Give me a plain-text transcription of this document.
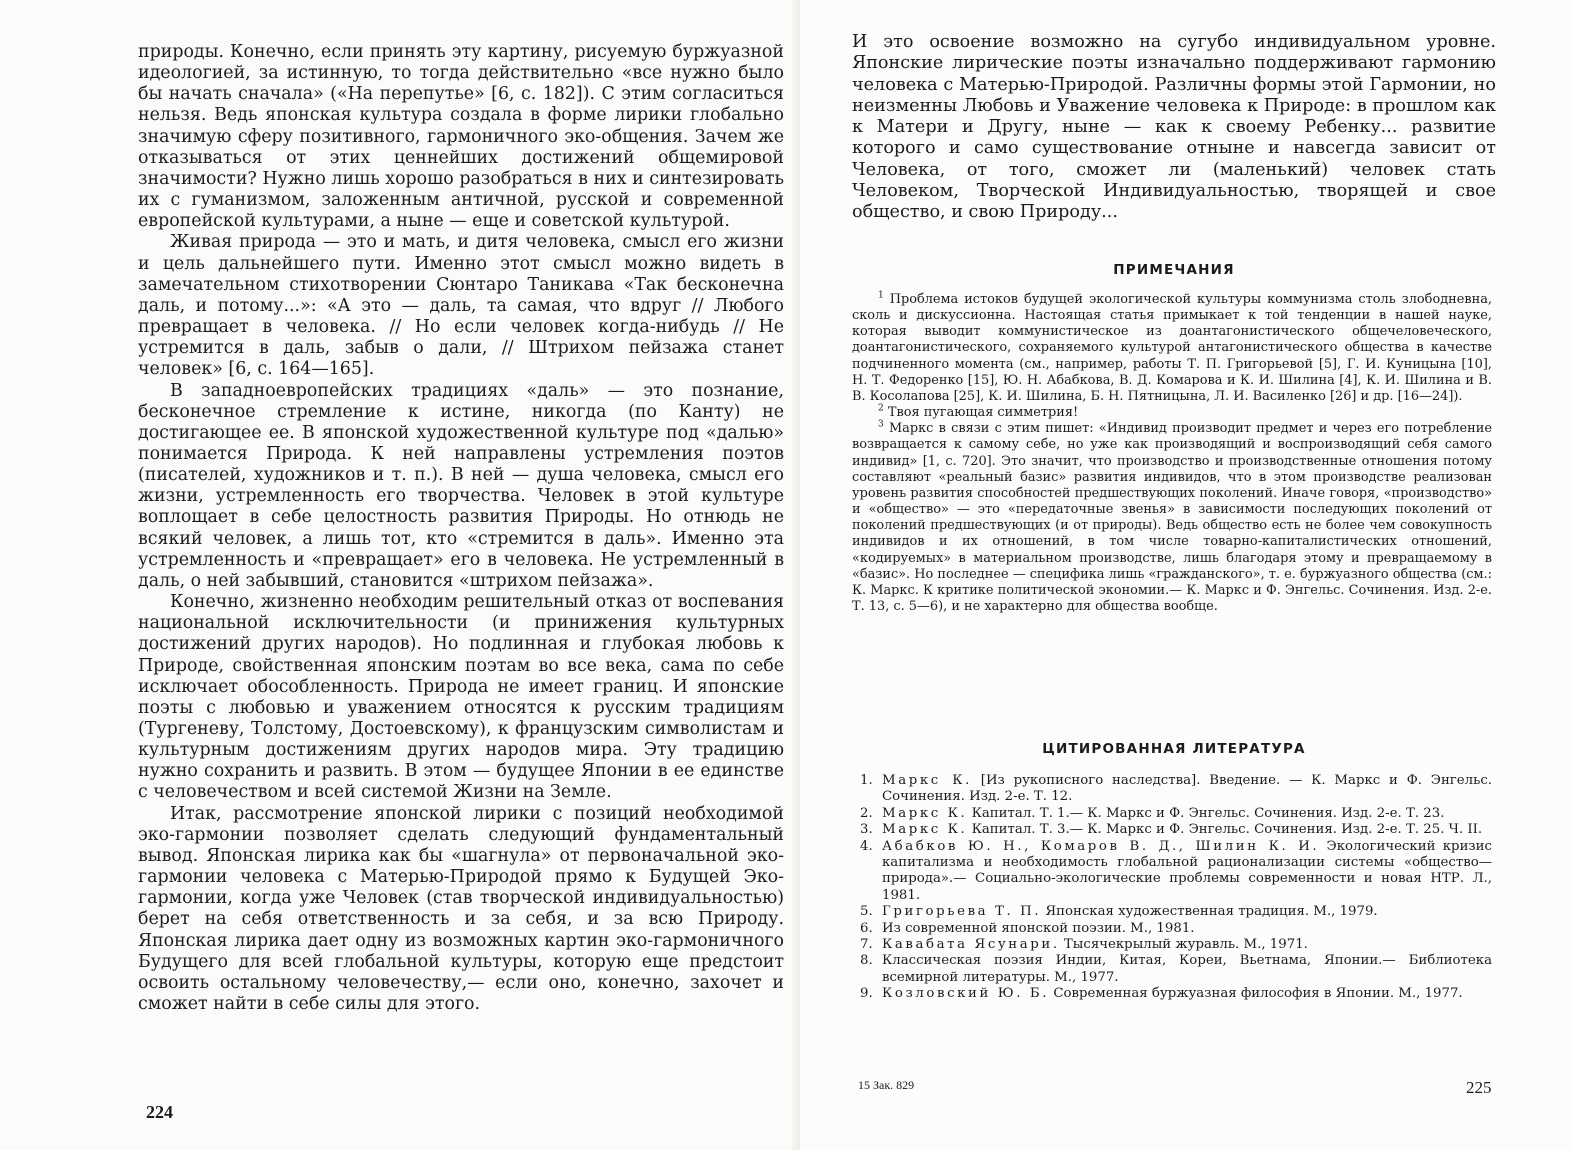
природы. Конечно, если принять эту картину, рисуемую буржуазной идеологией, за истинную, то тогда действительно «все нужно было бы начать сначала» («На перепутье» [6, с. 182]). С этим согласиться нельзя. Ведь японская культура создала в форме лирики глобально значимую сферу позитивного, гармоничного эко-общения. Зачем же отказываться от этих ценнейших достижений общемировой значимости? Нужно лишь хорошо разобраться в них и синтезировать их с гуманизмом, заложенным античной, русской и современной европейской культурами, а ныне — еще и советской культурой.

Живая природа — это и мать, и дитя человека, смысл его жизни и цель дальнейшего пути. Именно этот смысл можно видеть в замечательном стихотворении Сюнтаро Таникава «Так бесконечна даль, и потому...»: «А это — даль, та самая, что вдруг // Любого превращает в человека. // Но если человек когда-нибудь // Не устремится в даль, забыв о дали, // Штрихом пейзажа станет человек» [6, с. 164—165].

В западноевропейских традициях «даль» — это познание, бесконечное стремление к истине, никогда (по Канту) не достигающее ее. В японской художественной культуре под «далью» понимается Природа. К ней направлены устремления поэтов (писателей, художников и т. п.). В ней — душа человека, смысл его жизни, устремленность его творчества. Человек в этой культуре воплощает в себе целостность развития Природы. Но отнюдь не всякий человек, а лишь тот, кто «стремится в даль». Именно эта устремленность и «превращает» его в человека. Не устремленный в даль, о ней забывший, становится «штрихом пейзажа».

Конечно, жизненно необходим решительный отказ от воспевания национальной исключительности (и принижения культурных достижений других народов). Но подлинная и глубокая любовь к Природе, свойственная японским поэтам во все века, сама по себе исключает обособленность. Природа не имеет границ. И японские поэты с любовью и уважением относятся к русским традициям (Тургеневу, Толстому, Достоевскому), к французским символистам и культурным достижениям других народов мира. Эту традицию нужно сохранить и развить. В этом — будущее Японии в ее единстве с человечеством и всей системой Жизни на Земле.

Итак, рассмотрение японской лирики с позиций необходимой эко-гармонии позволяет сделать следующий фундаментальный вывод. Японская лирика как бы «шагнула» от первоначальной эко-гармонии человека с Матерью-Природой прямо к Будущей Эко-гармонии, когда уже Человек (став творческой индивидуальностью) берет на себя ответственность и за себя, и за всю Природу. Японская лирика дает одну из возможных картин эко-гармоничного Будущего для всей глобальной культуры, которую еще предстоит освоить остальному человечеству,— если оно, конечно, захочет и сможет найти в себе силы для этого.

224

И это освоение возможно на сугубо индивидуальном уровне. Японские лирические поэты изначально поддерживают гармонию человека с Матерью-Природой. Различны формы этой Гармонии, но неизменны Любовь и Уважение человека к Природе: в прошлом как к Матери и Другу, ныне — как к своему Ребенку... развитие которого и само существование отныне и навсегда зависит от Человека, от того, сможет ли (маленький) человек стать Человеком, Творческой Индивидуальностью, творящей и свое общество, и свою Природу...

ПРИМЕЧАНИЯ

$^1$ Проблема истоков будущей экологической культуры коммунизма столь злободневна, сколь и дискуссионна. Настоящая статья примыкает к той тенденции в нашей науке, которая выводит коммунистическое из доантагонистического общечеловеческого, доантагонистического, сохраняемого культурой антагонистического общества в качестве подчиненного момента (см., например, работы Т. П. Григорьевой [5], Г. И. Куницына [10], Н. Т. Федоренко [15], Ю. Н. Абабкова, В. Д. Комарова и К. И. Шилина [4], К. И. Шилина и В. В. Косолапова [25], К. И. Шилина, Б. Н. Пятницына, Л. И. Василенко [26] и др. [16—24]).

$^2$ Твоя пугающая симметрия!

$^3$ Маркс в связи с этим пишет: «Индивид производит предмет и через его потребление возвращается к самому себе, но уже как производящий и воспроизводящий себя самого индивид» [1, с. 720]. Это значит, что производство и производственные отношения потому составляют «реальный базис» развития индивидов, что в этом производстве реализован уровень развития способностей предшествующих поколений. Иначе говоря, «производство» и «общество» — это «передаточные звенья» в зависимости последующих поколений от поколений предшествующих (и от природы). Ведь общество есть не более чем совокупность индивидов и их отношений, в том числе товарно-капиталистических отношений, «кодируемых» в материальном производстве, лишь благодаря этому и превращаемому в «базис». Но последнее — специфика лишь «гражданского», т. е. буржуазного общества (см.: К. Маркс. К критике политической экономии.— К. Маркс и Ф. Энгельс. Сочинения. Изд. 2-е. Т. 13, с. 5—6), и не характерно для общества вообще.

ЦИТИРОВАННАЯ ЛИТЕРАТУРА
1. Маркс К. [Из рукописного наследства]. Введение. — К. Маркс и Ф. Энгельс. Сочинения. Изд. 2-е. Т. 12.
2. Маркс К. Капитал. Т. 1.— К. Маркс и Ф. Энгельс. Сочинения. Изд. 2-е. Т. 23.
3. Маркс К. Капитал. Т. 3.— К. Маркс и Ф. Энгельс. Сочинения. Изд. 2-е. Т. 25. Ч. II.
4. Абабков Ю. Н., Комаров В. Д., Шилин К. И. Экологический кризис капитализма и необходимость глобальной рационализации системы «общество—природа».— Социально-экологические проблемы современности и новая НТР. Л., 1981.
5. Григорьева Т. П. Японская художественная традиция. М., 1979.
6. Из современной японской поэзии. М., 1981.
7. Кавабата Ясунари. Тысячекрылый журавль. М., 1971.
8. Классическая поэзия Индии, Китая, Кореи, Вьетнама, Японии.— Библиотека всемирной литературы. М., 1977.
9. Козловский Ю. Б. Современная буржуазная философия в Японии. М., 1977.
15 Зак. 829	225
